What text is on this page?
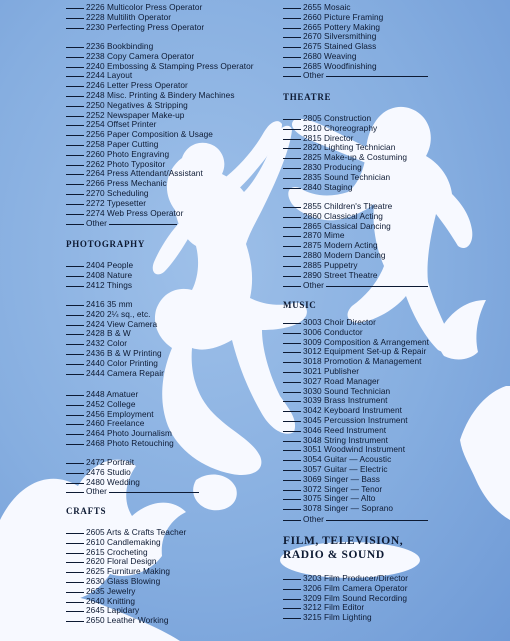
2226 Multicolor Press Operator
2228 Multilith Operator
2230 Perfecting Press Operator
2236 Bookbinding
2238 Copy Camera Operator
2240 Embossing & Stamping Press Operator
2244 Layout
2246 Letter Press Operator
2248 Misc. Printing & Bindery Machines
2250 Negatives & Stripping
2252 Newspaper Make-up
2254 Offset Printer
2256 Paper Composition & Usage
2258 Paper Cutting
2260 Photo Engraving
2262 Photo Typositor
2264 Press Attendant/Assistant
2266 Press Mechanic
2270 Scheduling
2272 Typesetter
2274 Web Press Operator
Other
PHOTOGRAPHY
2404 People
2408 Nature
2412 Things
2416 35 mm
2420 2¼ sq., etc.
2424 View Camera
2428 B & W
2432 Color
2436 B & W Printing
2440 Color Printing
2444 Camera Repair
2448 Amatuer
2452 College
2456 Employment
2460 Freelance
2464 Photo Journalism
2468 Photo Retouching
2472 Portrait
2476 Studio
2480 Wedding
Other
CRAFTS
2605 Arts & Crafts Teacher
2610 Candlemaking
2615 Crocheting
2620 Floral Design
2625 Furniture Making
2630 Glass Blowing
2635 Jewelry
2640 Knitting
2645 Lapidary
2650 Leather Working
2655 Mosaic
2660 Picture Framing
2665 Pottery Making
2670 Silversmithing
2675 Stained Glass
2680 Weaving
2685 Woodfinishing
Other
THEATRE
2805 Construction
2810 Choreography
2815 Director
2820 Lighting Technician
2825 Make-up & Costuming
2830 Producing
2835 Sound Technician
2840 Staging
2855 Children's Theatre
2860 Classical Acting
2865 Classical Dancing
2870 Mime
2875 Modern Acting
2880 Modern Dancing
2885 Puppetry
2890 Street Theatre
Other
MUSIC
3003 Choir Director
3006 Conductor
3009 Composition & Arrangement
3012 Equipment Set-up & Repair
3018 Promotion & Management
3021 Publisher
3027 Road Manager
3030 Sound Technician
3039 Brass Instrument
3042 Keyboard Instrument
3045 Percussion Instrument
3046 Reed Instrument
3048 String Instrument
3051 Woodwind Instrument
3054 Guitar — Acoustic
3057 Guitar — Electric
3069 Singer — Bass
3072 Singer — Tenor
3075 Singer — Alto
3078 Singer — Soprano
Other
FILM, TELEVISION,
RADIO & SOUND
3203 Film Producer/Director
3206 Film Camera Operator
3209 Film Sound Recording
3212 Film Editor
3215 Film Lighting
